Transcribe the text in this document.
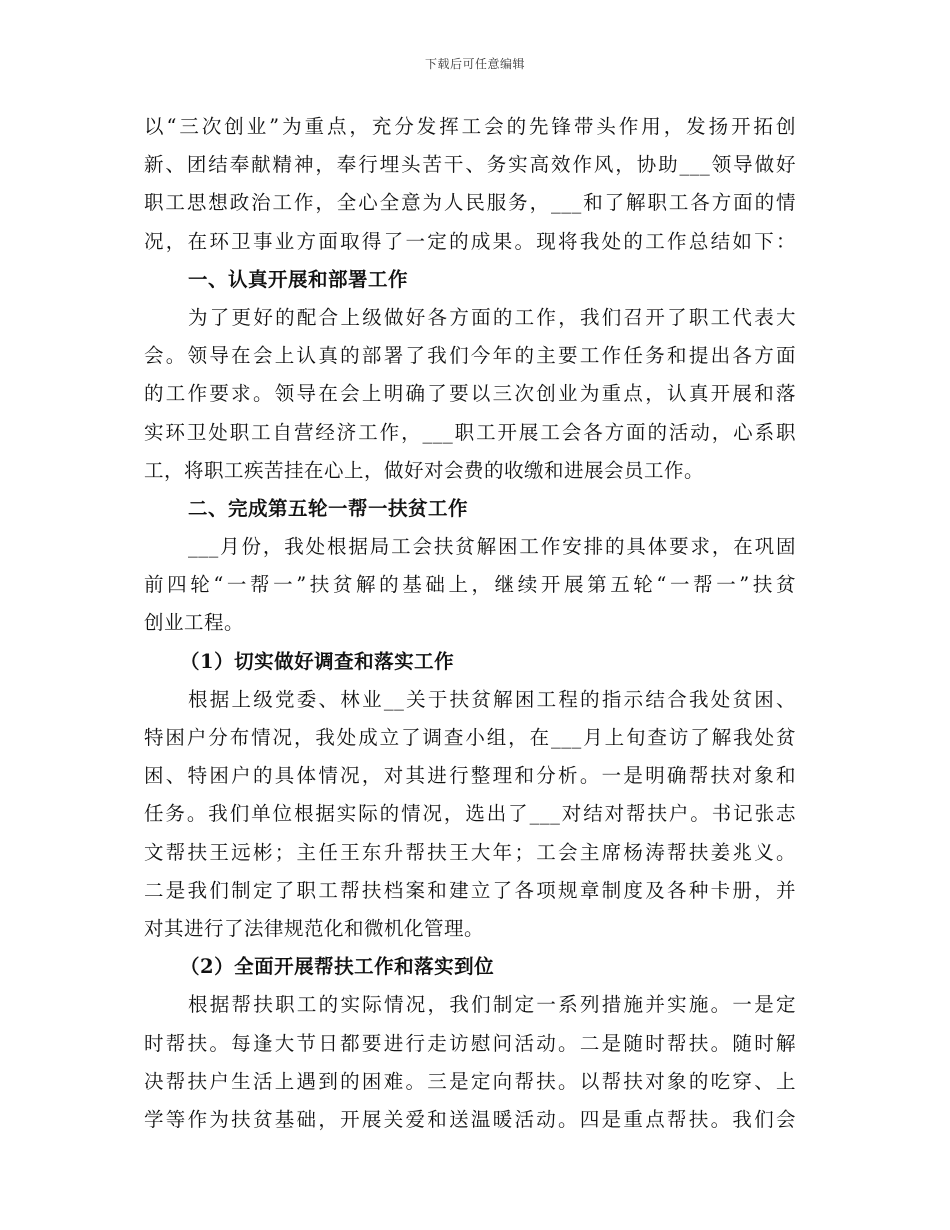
下载后可任意编辑
以“三次创业”为重点，充分发挥工会的先锋带头作用，发扬开拓创
新、团结奉献精神，奉行埋头苦干、务实高效作风，协助___领导做好
职工思想政治工作，全心全意为人民服务，___和了解职工各方面的情
况，在环卫事业方面取得了一定的成果。现将我处的工作总结如下：
一、认真开展和部署工作
为了更好的配合上级做好各方面的工作，我们召开了职工代表大
会。领导在会上认真的部署了我们今年的主要工作任务和提出各方面
的工作要求。领导在会上明确了要以三次创业为重点，认真开展和落
实环卫处职工自营经济工作，___职工开展工会各方面的活动，心系职
工，将职工疾苦挂在心上，做好对会费的收缴和进展会员工作。
二、完成第五轮一帮一扶贫工作
___月份，我处根据局工会扶贫解困工作安排的具体要求，在巩固
前四轮“一帮一”扶贫解的基础上，继续开展第五轮“一帮一”扶贫
创业工程。
（1）切实做好调查和落实工作
根据上级党委、林业__关于扶贫解困工程的指示结合我处贫困、
特困户分布情况，我处成立了调查小组，在___月上旬查访了解我处贫
困、特困户的具体情况，对其进行整理和分析。一是明确帮扶对象和
任务。我们单位根据实际的情况，选出了___对结对帮扶户。书记张志
文帮扶王远彬；主任王东升帮扶王大年；工会主席杨涛帮扶姜兆义。
二是我们制定了职工帮扶档案和建立了各项规章制度及各种卡册，并
对其进行了法律规范化和微机化管理。
（2）全面开展帮扶工作和落实到位
根据帮扶职工的实际情况，我们制定一系列措施并实施。一是定
时帮扶。每逢大节日都要进行走访慰问活动。二是随时帮扶。随时解
决帮扶户生活上遇到的困难。三是定向帮扶。以帮扶对象的吃穿、上
学等作为扶贫基础，开展关爱和送温暖活动。四是重点帮扶。我们会
